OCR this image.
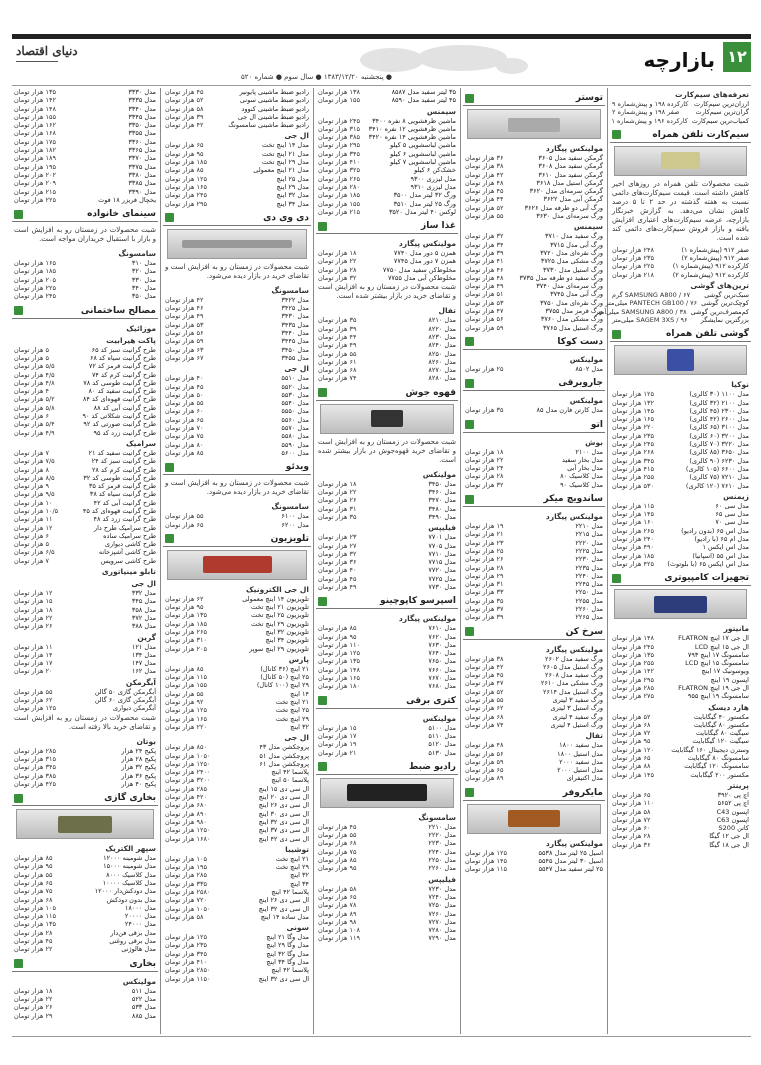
دنیای اقتصاد	بازارچه ۱۲
● پنجشنبه ۱۳۸۳/۱۲/۲۰ ● سال سوم ● شماره ۵۲۰
تعرفه‌های سیم‌کارت
ارزان‌ترین سیم‌کارت
کارکرده ۱۹۸ و پیش‌شماره ۹
گران‌ترین سیم‌کارت
صفر ۱۹۸ و پیش‌شماره ۲
کمیاب‌ترین سیم‌کارت
کارکرده ۱۹۶ و پیش‌شماره ۱
سیم‌کارت تلفن همراه
شبت محصولات تلفن همراه در روزهای اخیر کاهش داشته است. قیمت سیم‌کارت‌های دائمی نسبت به هفته گذشته در حد ۲ تا ۵ درصد کاهش نشان می‌دهد. به گزارش خبرنگار بازارچه، عرضه سیم‌کارت‌های اعتباری افزایش یافته و بازار فروش سیم‌کارت‌های دائمی کند شده است.
صفر ۹۱۲ (پیش‌شماره ۱)
۲۴۸ هزار تومان
صفر ۹۱۲ (پیش‌شماره ۲)
۲۳۵ هزار تومان
کارکرده ۹۱۲ (پیش‌شماره ۱)
۲۲۵ هزار تومان
کارکرده ۹۱۲ (پیش‌شماره ۲)
۲۱۸ هزار تومان
ترین‌های گوشی
سبک‌ترین گوشی
SAMSUNG A800 / ۶۷ گرم
کوچک‌ترین گوشی
PANTECH GB100 / ۷۶ میلی‌متر
کم‌مصرف‌ترین گوشی
SAMSUNG A800 / ۳۸ میلی‌آمپر
بزرگترین نمایشگر
SAGEM 3XS / ۹۶ میلی‌متر
گوشی تلفن همراه
نوکیا
مدل ۱۱۰۰ (۳۰ کالری)
۱۲۵ هزار تومان
مدل ۲۱۰۰ (۳۲ کالری)
۱۳۲ هزار تومان
مدل ۲۳۰۰ (۴۵ کالری)
۱۴۵ هزار تومان
مدل ۲۶۰۰ (۴۲ کالری)
۱۶۵ هزار تومان
مدل ۳۱۰۰ (۶۵ کالری)
۲۲۰ هزار تومان
مدل ۳۲۰۰ (۶۰ کالری)
۲۳۵ هزار تومان
مدل ۳۲۲۰ (۷۰ کالری)
۲۴۵ هزار تومان
مدل ۳۶۵۰ (۸۵ کالری)
۲۶۸ هزار تومان
مدل ۶۲۳۰ (۹۰ کالری)
۳۴۵ هزار تومان
مدل ۶۶۰۰ (۱۰۵ کالری)
۴۱۵ هزار تومان
مدل ۷۲۱۰ (۷۵ کالری)
۲۵۵ هزار تومان
مدل ۷۶۱۰ (۱۲۰ کالری)
۵۳۰ هزار تومان
زیمنس
مدل سی ۶۰
۱۱۵ هزار تومان
مدل سی ۶۵
۱۴۵ هزار تومان
مدل سی ۷۰
۱۶۰ هزار تومان
مدل اس ۶۵ (بدون رادیو)
۲۶۵ هزار تومان
مدل ام ۶۵ (با رادیو)
۲۴۰ هزار تومان
مدل اس ایکس ۱
۴۹۰ هزار تومان
مدل اس ۵۵ (اسپانیا)
۱۸۵ هزار تومان
مدل اس ایکس ۶۵ (با بلوتوث)
۴۲۵ هزار تومان
تجهیزات کامپیوتری
مانیتور
ال جی ۱۷ اینچ FLATRON
۱۴۸ هزار تومان
ال جی ۱۵ اینچ LCD
۲۴۵ هزار تومان
سامسونگ ۱۷ اینچ ۷۹۳
۱۳۵ هزار تومان
سامسونگ ۱۵ اینچ LCD
۲۵۵ هزار تومان
ویوسونیک ۱۷ اینچ
۱۴۲ هزار تومان
اپسون ۱۹ اینچ
۲۹۵ هزار تومان
ال جی ۱۹ اینچ FLATRON
۲۸۵ هزار تومان
سامسونگ ۱۹ اینچ ۹۵۵
۲۷۵ هزار تومان
هارد دیسک
مکستور ۴۰ گیگابایت
۵۲ هزار تومان
مکستور ۸۰ گیگابایت
۶۸ هزار تومان
سیگیت ۸۰ گیگابایت
۷۲ هزار تومان
سیگیت ۱۲۰ گیگابایت
۹۵ هزار تومان
وسترن دیجیتال ۱۶۰ گیگابایت
۱۲۰ هزار تومان
سامسونگ ۸۰ گیگابایت
۶۵ هزار تومان
سامسونگ ۱۲۰ گیگابایت
۸۸ هزار تومان
مکستور ۲۰۰ گیگابایت
۱۴۵ هزار تومان
پرینتر
اچ پی ۳۹۲۰
۶۵ هزار تومان
اچ پی ۵۶۵۲
۱۱۰ هزار تومان
اپسون C43
۵۸ هزار تومان
اپسون C63
۷۲ هزار تومان
کانن S200
۶۰ هزار تومان
ال جی ۱۲ گیگا
۲۸ هزار تومان
ال جی ۱۸ گیگا
۳۶ هزار تومان
توستر
مولینکس پیگارد
گرمکن سفید مدل ۳۶۰۵
۳۶ هزار تومان
گرمکن سفید مدل ۳۶۰۸
۳۸ هزار تومان
گرمکن سفید مدل ۳۶۱۰
۴۲ هزار تومان
گرمکن استیل مدل ۳۶۱۸
۴۸ هزار تومان
گرمکن سرمه‌ای مدل ۳۶۲۰
۴۵ هزار تومان
گرمکن آبی مدل ۳۶۲۲
۴۴ هزار تومان
ورگ آبی دو طرفه مدل ۳۶۲۶
۵۲ هزار تومان
ورگ سرمه‌ای مدل ۳۶۳۰
۵۵ هزار تومان
سیمنس
ورگ سفید مدل ۳۷۱۰
۳۲ هزار تومان
ورگ آبی مدل ۳۷۱۵
۳۴ هزار تومان
ورگ نقره‌ای مدل ۳۷۲۰
۳۹ هزار تومان
ورگ مشکی مدل ۳۷۲۵
۴۱ هزار تومان
ورگ استیل مدل ۳۷۳۰
۴۶ هزار تومان
ورگ سفید دو طرفه مدل ۳۷۳۵
۴۸ هزار تومان
ورگ سرمه‌ای مدل ۳۷۴۰
۴۹ هزار تومان
ورگ آبی مدل ۳۷۴۵
۵۱ هزار تومان
ورگ نقره‌ای مدل ۳۷۵۰
۵۳ هزار تومان
ورگ قرمز مدل ۳۷۵۵
۴۷ هزار تومان
ورگ مشکی مدل ۳۷۶۰
۵۶ هزار تومان
ورگ استیل مدل ۳۷۶۵
۵۹ هزار تومان
دست کوکا
مولینکس
مدل ۸۵۰۲
۲۵ هزار تومان
جاروبرقی
مولینکس
مدل کارتن فارن مدل ۸۵
۳۵ هزار تومان
اتو
بوش
مدل ۲۱۰۰
۱۸ هزار تومان
مدل بخار سفید
۲۲ هزار تومان
مدل بخار آبی
۲۴ هزار تومان
مدل کلاسیک ۸۰
۲۸ هزار تومان
مدل کلاسیک ۹۰
۳۲ هزار تومان
ساندویچ میکر
مولینکس پیگارد
مدل ۲۲۱۰
۱۹ هزار تومان
مدل ۲۲۱۵
۲۱ هزار تومان
مدل ۲۲۲۰
۲۳ هزار تومان
مدل ۲۲۲۵
۲۵ هزار تومان
مدل ۲۲۳۰
۲۶ هزار تومان
مدل ۲۲۳۵
۲۸ هزار تومان
مدل ۲۲۴۰
۲۹ هزار تومان
مدل ۲۲۴۵
۳۱ هزار تومان
مدل ۲۲۵۰
۳۳ هزار تومان
مدل ۲۲۵۵
۳۵ هزار تومان
مدل ۲۲۶۰
۳۷ هزار تومان
مدل ۲۲۶۵
۳۹ هزار تومان
سرخ کن
مولینکس پیگارد
ورگ سفید مدل ۲۶۰۲
۳۸ هزار تومان
ورگ استیل مدل ۲۶۰۵
۴۲ هزار تومان
ورگ سفید مدل ۲۶۰۸
۴۵ هزار تومان
ورگ مشکی مدل ۲۶۱۰
۴۷ هزار تومان
ورگ استیل مدل ۲۶۱۴
۵۲ هزار تومان
ورگ سفید ۳ لیتری
۵۵ هزار تومان
ورگ استیل ۳ لیتری
۶۲ هزار تومان
ورگ سفید ۴ لیتری
۶۸ هزار تومان
ورگ استیل ۴ لیتری
۷۴ هزار تومان
تفال
مدل سفید ۱۸۰۰
۴۸ هزار تومان
مدل استیل ۱۸۰۰
۵۶ هزار تومان
مدل سفید ۲۰۰۰
۵۹ هزار تومان
مدل استیل ۲۰۰۰
۶۵ هزار تومان
مدل اکتیفرای
۸۹ هزار تومان
مایکروفر
مولینکس پیگارد
اسیل ۲۵ لیتر مدل ۵۵۳۸
۱۲۵ هزار تومان
اسیل ۳۰ لیتر مدل ۵۵۴۵
۱۴۵ هزار تومان
۲۵ لیتر سفید مدل ۵۵۴۷
۱۱۵ هزار تومان
۳۵ لیتر سفید مدل ۸۵۸۷
۱۳۸ هزار تومان
۴۵ لیتر سفید مدل ۸۵۹۰
۱۵۵ هزار تومان
سیمنس
ماشین ظرفشویی ۸ نفره ۳۴۰۰
۲۴۵ هزار تومان
ماشین ظرفشویی ۱۲ نفره ۳۴۱۰
۳۱۵ هزار تومان
ماشین ظرفشویی ۱۴ نفره ۳۴۲۰
۳۸۵ هزار تومان
ماشین لباسشویی ۵ کیلو
۲۹۵ هزار تومان
ماشین لباسشویی ۶ کیلو
۳۴۵ هزار تومان
ماشین لباسشویی ۷ کیلو
۴۱۰ هزار تومان
خشک‌کن ۶ کیلو
۳۲۵ هزار تومان
مدل لیزری ۹۳۰۰
۲۶۵ هزار تومان
مدل لیزری ۹۳۱۰
۲۸۰ هزار تومان
ورگ ۳۲ لیتر مدل ۳۵۰۰
۱۸۵ هزار تومان
ورگ ۲۵ لیتر مدل ۳۵۱۰
۱۵۵ هزار تومان
لوکس ۴۰ لیتر مدل ۳۵۲۰
۲۱۵ هزار تومان
غذا ساز
مولینکس پیگارد
همزن ۵ دور مدل ۷۷۴۰
۱۸ هزار تومان
همزن ۷ دور مدل ۷۷۴۵
۲۲ هزار تومان
مخلوط‌کن سفید مدل ۷۷۵۰
۲۸ هزار تومان
مخلوط‌کن آبی مدل ۷۷۵۵
۳۲ هزار تومان
شبت محصولات در زمستان رو به افزایش است و تقاضای خرید در بازار بیشتر شده است.
تفال
مدل ۸۲۱۰
۳۵ هزار تومان
مدل ۸۲۲۰
۳۹ هزار تومان
مدل ۸۲۳۰
۴۴ هزار تومان
مدل ۸۲۴۰
۴۹ هزار تومان
مدل ۸۲۵۰
۵۵ هزار تومان
مدل ۸۲۶۰
۶۱ هزار تومان
مدل ۸۲۷۰
۶۸ هزار تومان
مدل ۸۲۸۰
۷۴ هزار تومان
قهوه جوش
شبت محصولات در زمستان رو به افزایش است و تقاضای خرید قهوه‌جوش در بازار بیشتر شده است.
مولینکس
مدل ۳۴۵۰
۱۸ هزار تومان
مدل ۳۴۶۰
۲۲ هزار تومان
مدل ۳۴۷۰
۲۶ هزار تومان
مدل ۳۴۸۰
۳۱ هزار تومان
مدل ۳۴۹۰
۳۵ هزار تومان
فیلیپس
مدل ۷۷۰۱
۲۳ هزار تومان
مدل ۷۷۰۵
۲۷ هزار تومان
مدل ۷۷۱۰
۳۲ هزار تومان
مدل ۷۷۱۵
۳۶ هزار تومان
مدل ۷۷۲۰
۴۰ هزار تومان
مدل ۷۷۲۵
۴۵ هزار تومان
مدل ۷۷۳۰
۴۹ هزار تومان
اسپرسو کاپوچینو
مولینکس پیگارد
مدل ۷۶۱۰
۸۵ هزار تومان
مدل ۷۶۲۰
۹۵ هزار تومان
مدل ۷۶۳۰
۱۱۰ هزار تومان
مدل ۷۶۴۰
۱۲۵ هزار تومان
مدل ۷۶۵۰
۱۳۵ هزار تومان
مدل ۷۶۶۰
۱۴۸ هزار تومان
مدل ۷۶۷۰
۱۶۵ هزار تومان
مدل ۷۶۸۰
۱۸۰ هزار تومان
کتری برقی
مولینکس
مدل ۵۱۰۰
۱۵ هزار تومان
مدل ۵۱۱۰
۱۷ هزار تومان
مدل ۵۱۲۰
۱۹ هزار تومان
مدل ۵۱۳۰
۲۱ هزار تومان
رادیو ضبط
سامسونگ
مدل ۲۲۱۰
۴۵ هزار تومان
مدل ۲۲۲۰
۵۵ هزار تومان
مدل ۲۲۳۰
۶۸ هزار تومان
مدل ۲۲۴۰
۷۵ هزار تومان
مدل ۲۲۵۰
۸۵ هزار تومان
مدل ۲۲۶۰
۹۵ هزار تومان
فیلیپس
مدل ۷۲۳۰
۵۸ هزار تومان
مدل ۷۲۴۰
۶۵ هزار تومان
مدل ۷۲۵۰
۷۸ هزار تومان
مدل ۷۲۶۰
۸۹ هزار تومان
مدل ۷۲۷۰
۹۸ هزار تومان
مدل ۷۲۸۰
۱۰۸ هزار تومان
مدل ۷۲۹۰
۱۱۹ هزار تومان
رادیو ضبط ماشینی پایونیر
۴۵ هزار تومان
رادیو ضبط ماشینی سونی
۵۲ هزار تومان
رادیو ضبط ماشینی کنوود
۵۸ هزار تومان
رادیو ضبط ماشینی ال جی
۳۹ هزار تومان
رادیو ضبط ماشینی سامسونگ
۴۲ هزار تومان
ال جی
مدل ۱۴ اینچ تخت
۶۵ هزار تومان
مدل ۲۱ اینچ تخت
۹۵ هزار تومان
مدل ۲۹ اینچ تخت
۱۸۵ هزار تومان
مدل ۲۱ اینچ معمولی
۸۵ هزار تومان
مدل ۲۵ اینچ
۱۲۵ هزار تومان
مدل ۲۹ اینچ
۱۶۵ هزار تومان
مدل ۳۲ اینچ
۲۴۵ هزار تومان
مدل ۳۴ اینچ
۲۹۵ هزار تومان
دی وی دی
شبت محصولات در زمستان رو به افزایش است و تقاضای خرید در بازار دیده می‌شود.
سامسونگ
مدل ۳۴۲۲
۴۲ هزار تومان
مدل ۳۴۲۵
۴۶ هزار تومان
مدل ۳۴۳۰
۴۹ هزار تومان
مدل ۳۴۳۵
۵۳ هزار تومان
مدل ۳۴۴۰
۵۶ هزار تومان
مدل ۳۴۴۵
۵۹ هزار تومان
مدل ۳۴۵۰
۶۳ هزار تومان
مدل ۳۴۵۵
۶۷ هزار تومان
ال جی
مدل ۵۵۱۰
۴۰ هزار تومان
مدل ۵۵۲۰
۴۵ هزار تومان
مدل ۵۵۳۰
۵۰ هزار تومان
مدل ۵۵۴۰
۵۵ هزار تومان
مدل ۵۵۵۰
۶۰ هزار تومان
مدل ۵۵۶۰
۶۵ هزار تومان
مدل ۵۵۷۰
۷۰ هزار تومان
مدل ۵۵۸۰
۷۵ هزار تومان
مدل ۵۵۹۰
۸۰ هزار تومان
مدل ۵۶۰۰
۸۵ هزار تومان
ویدئو
شبت محصولات در زمستان رو به افزایش است و تقاضای خرید در بازار دیده می‌شود.
سامسونگ
مدل ۶۱۰۰
۵۵ هزار تومان
مدل ۶۲۰۰
۶۵ هزار تومان
تلویزیون
ال جی الکترونیک
تلویزیون ۱۴ اینچ معمولی
۶۲ هزار تومان
تلویزیون ۲۱ اینچ تخت
۹۵ هزار تومان
تلویزیون ۲۵ اینچ تخت
۱۳۵ هزار تومان
تلویزیون ۲۹ اینچ تخت
۱۸۵ هزار تومان
تلویزیون ۳۲ اینچ
۲۶۵ هزار تومان
تلویزیون ۳۴ اینچ
۳۱۰ هزار تومان
تلویزیون ۲۹ اینچ سوپر
۲۰۵ هزار تومان
پارس
۲۱ اینچ (۳۶ کانال)
۸۵ هزار تومان
۲۵ اینچ (۵۰ کانال)
۱۱۵ هزار تومان
۲۹ اینچ (۱۰۰ کانال)
۱۵۵ هزار تومان
۱۴ اینچ
۵۵ هزار تومان
۲۱ اینچ تخت
۹۲ هزار تومان
۲۵ اینچ تخت
۱۲۵ هزار تومان
۲۹ اینچ تخت
۱۶۵ هزار تومان
۳۲ اینچ
۲۲۰ هزار تومان
ال جی
پروجکشن مدل ۴۳
۸۵۰ هزار تومان
پروجکشن مدل ۵۱
۱۰۵۰ هزار تومان
پروجکشن مدل ۶۱
۱۲۵۰ هزار تومان
پلاسما ۴۲ اینچ
۲۴۰۰ هزار تومان
پلاسما ۵۰ اینچ
۳۲۰۰ هزار تومان
ال سی دی ۱۵ اینچ
۲۸۵ هزار تومان
ال سی دی ۲۰ اینچ
۴۲۰ هزار تومان
ال سی دی ۲۶ اینچ
۶۸۰ هزار تومان
ال سی دی ۳۰ اینچ
۸۹۰ هزار تومان
ال سی دی ۳۲ اینچ
۹۸۰ هزار تومان
ال سی دی ۳۷ اینچ
۱۲۵۰ هزار تومان
ال سی دی ۴۲ اینچ
۱۶۸۰ هزار تومان
توشیبا
۲۱ اینچ تخت
۱۰۵ هزار تومان
۲۹ اینچ تخت
۱۹۵ هزار تومان
۳۲ اینچ
۲۸۵ هزار تومان
۳۴ اینچ
۳۳۵ هزار تومان
پلاسما ۴۲ اینچ
۲۵۸۰ هزار تومان
ال سی دی ۲۶ اینچ
۷۲۰ هزار تومان
ال سی دی ۳۲ اینچ
۱۰۵۰ هزار تومان
مدل ساده ۱۴ اینچ
۵۸ هزار تومان
سونی
مدل وگا ۲۱ اینچ
۱۲۵ هزار تومان
مدل وگا ۲۹ اینچ
۲۳۵ هزار تومان
مدل وگا ۳۲ اینچ
۳۴۵ هزار تومان
مدل وگا ۳۴ اینچ
۴۱۰ هزار تومان
پلاسما ۴۲ اینچ
۲۸۵۰ هزار تومان
ال سی دی ۳۲ اینچ
۱۱۵۰ هزار تومان
مدل ۳۳۳۰
۱۳۵ هزار تومان
مدل ۳۳۳۵
۱۴۲ هزار تومان
مدل ۳۳۴۰
۱۴۸ هزار تومان
مدل ۳۳۴۵
۱۵۵ هزار تومان
مدل ۳۳۵۰
۱۶۲ هزار تومان
مدل ۳۳۵۵
۱۶۸ هزار تومان
مدل ۳۳۶۰
۱۷۵ هزار تومان
مدل ۳۳۶۵
۱۸۲ هزار تومان
مدل ۳۳۷۰
۱۸۹ هزار تومان
مدل ۳۳۷۵
۱۹۵ هزار تومان
مدل ۳۳۸۰
۲۰۲ هزار تومان
مدل ۳۳۸۵
۲۰۹ هزار تومان
مدل ۳۳۹۰
۲۱۵ هزار تومان
یخچال فریزر ۱۸ فوت
۲۲۵ هزار تومان
سینمای خانواده
شبت محصولات در زمستان رو به افزایش است و بازار با استقبال خریداران مواجه است.
سامسونگ
مدل ۳۱۰
۱۶۵ هزار تومان
مدل ۳۲۰
۱۸۵ هزار تومان
مدل ۳۳۰
۲۰۵ هزار تومان
مدل ۳۴۰
۲۲۵ هزار تومان
مدل ۳۵۰
۲۴۵ هزار تومان
مصالح ساختمانی
موزائیک
پاکت هیرابیت
طرح گرانیت سبز کد ۶۵
۵ هزار تومان
طرح گرانیت سیاه کد ۶۸
۵ هزار تومان
طرح گرانیت قرمز کد ۷۲
۵/۵ هزار تومان
طرح گرانیت کرم کد ۷۴
۴/۵ هزار تومان
طرح گرانیت طوسی کد ۷۸
۴/۸ هزار تومان
طرح گرانیت سفید کد ۸۰
۴ هزار تومان
طرح گرانیت قهوه‌ای کد ۸۴
۵/۲ هزار تومان
طرح گرانیت آبی کد ۸۸
۵/۸ هزار تومان
طرح گرانیت شکلاتی کد ۹۰
۶ هزار تومان
طرح گرانیت صورتی کد ۹۲
۵/۴ هزار تومان
طرح گرانیت زرد کد ۹۵
۴/۹ هزار تومان
سرامیک
طرح گرانیت سفید کد ۲۱
۷ هزار تومان
طرح گرانیت سبز کد ۲۴
۷/۵ هزار تومان
طرح گرانیت کرم کد ۲۸
۸ هزار تومان
طرح گرانیت طوسی کد ۳۲
۸/۵ هزار تومان
طرح گرانیت قرمز کد ۳۵
۹ هزار تومان
طرح گرانیت سیاه کد ۳۸
۹/۵ هزار تومان
طرح گرانیت آبی کد ۴۲
۱۰ هزار تومان
طرح گرانیت قهوه‌ای کد ۴۵
۱۰/۵ هزار تومان
طرح گرانیت زرد کد ۴۸
۱۱ هزار تومان
طرح سرامیک طرح دار
۱۲ هزار تومان
طرح سرامیک ساده
۶ هزار تومان
طرح کاشی دیواری
۵ هزار تومان
طرح کاشی آشپزخانه
۶/۵ هزار تومان
طرح کاشی سرویس
۷ هزار تومان
تابلو مینیاتوری
ال جی
مدل ۳۳۲
۱۲ هزار تومان
مدل ۳۴۵
۱۵ هزار تومان
مدل ۳۵۸
۱۸ هزار تومان
مدل ۳۷۲
۲۲ هزار تومان
مدل ۳۸۸
۲۶ هزار تومان
گرین
مدل ۱۲۱
۱۱ هزار تومان
مدل ۱۳۴
۱۴ هزار تومان
مدل ۱۴۷
۱۷ هزار تومان
مدل ۱۶۲
۲۰ هزار تومان
آبگرمکن
آبگرمکن گازی ۵۰ گالن
۵۵ هزار تومان
آبگرمکن گازی ۶۰ گالن
۶۲ هزار تومان
آبگرمکن دیواری
۱۲۵ هزار تومان
شبت محصولات در زمستان رو به افزایش است و تقاضای خرید بالا رفته است.
بوتان
پکیج ۲۴ هزار
۲۸۵ هزار تومان
پکیج ۲۸ هزار
۳۱۵ هزار تومان
پکیج ۳۲ هزار
۳۴۵ هزار تومان
پکیج ۳۶ هزار
۳۸۵ هزار تومان
پکیج ۴۰ هزار
۴۲۵ هزار تومان
بخاری گازی
سپهر الکتریک
مدل شومینه ۱۲۰۰۰
۸۵ هزار تومان
مدل شومینه ۱۵۰۰۰
۹۵ هزار تومان
مدل کلاسیک ۸۰۰۰
۵۵ هزار تومان
مدل کلاسیک ۱۰۰۰۰
۶۵ هزار تومان
مدل دودکش‌دار ۱۲۰۰۰
۷۵ هزار تومان
مدل بدون دودکش
۶۸ هزار تومان
مدل ۱۸۰۰۰
۱۰۵ هزار تومان
مدل ۲۰۰۰۰
۱۱۵ هزار تومان
مدل ۲۴۰۰۰
۱۳۵ هزار تومان
مدل برقی فن‌دار
۲۸ هزار تومان
مدل برقی روغنی
۴۵ هزار تومان
مدل هالوژنی
۲۲ هزار تومان
بخاری
مولینکس
مدل ۵۱۱
۱۸ هزار تومان
مدل ۵۲۲
۲۲ هزار تومان
مدل ۵۳۳
۲۶ هزار تومان
مدل ۸۸۵
۲۹ هزار تومان
